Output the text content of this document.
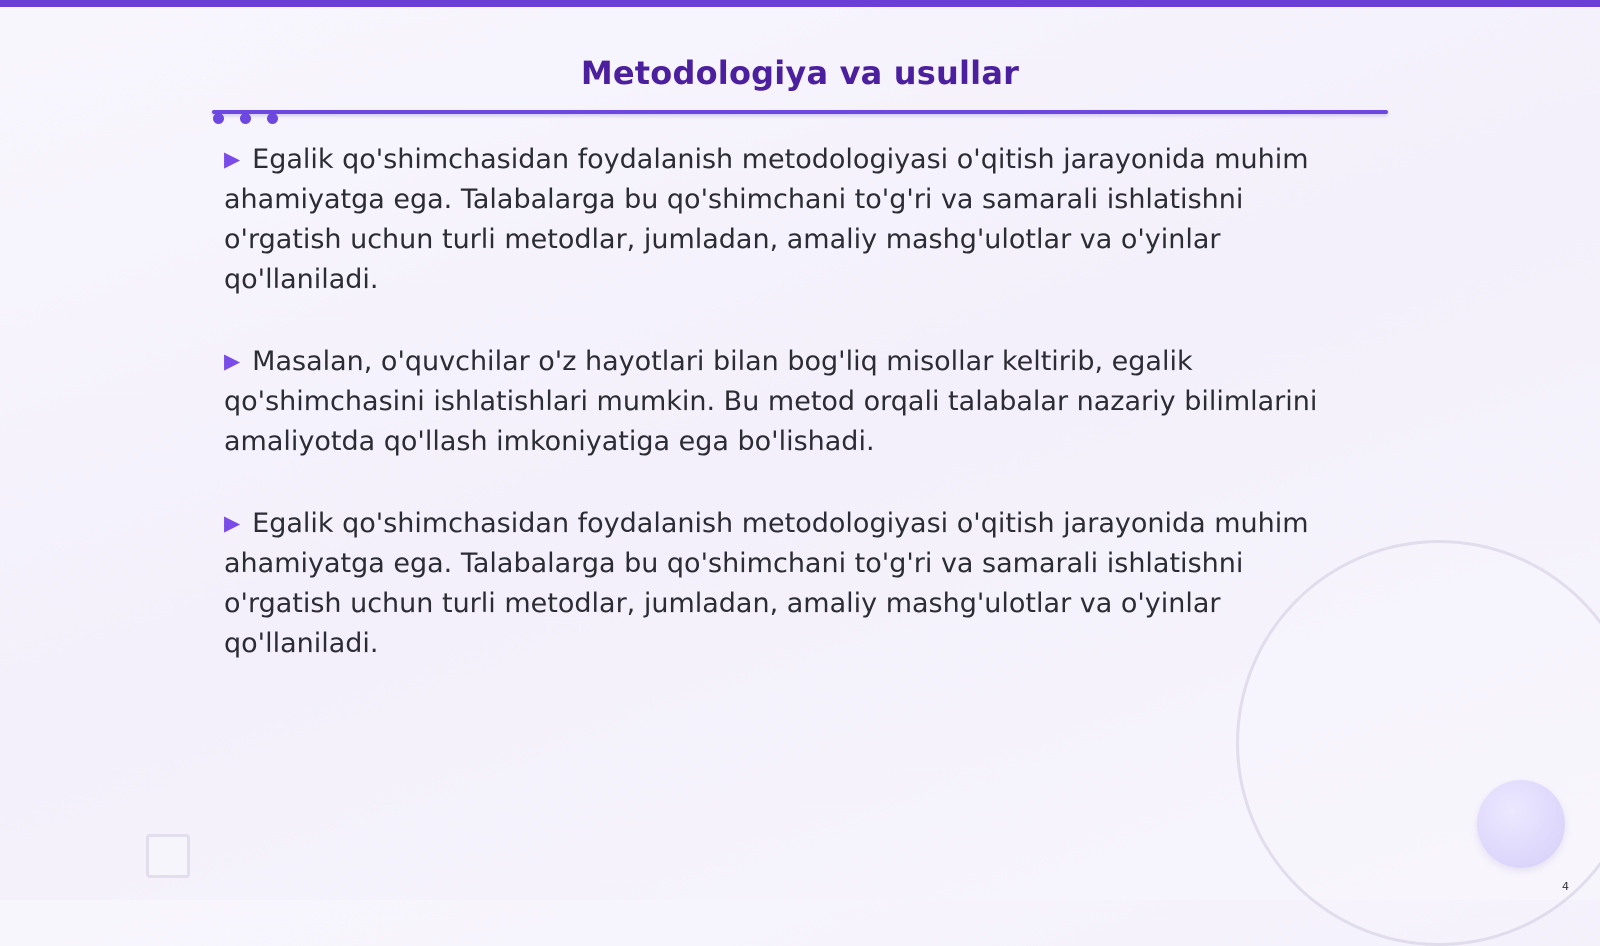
Metodologiya va usullar

▶ Egalik qo'shimchasidan foydalanish metodologiyasi o'qitish jarayonida muhim ahamiyatga ega. Talabalarga bu qo'shimchani to'g'ri va samarali ishlatishni o'rgatish uchun turli metodlar, jumladan, amaliy mashg'ulotlar va o'yinlar qo'llaniladi.

▶ Masalan, o'quvchilar o'z hayotlari bilan bog'liq misollar keltirib, egalik qo'shimchasini ishlatishlari mumkin. Bu metod orqali talabalar nazariy bilimlarini amaliyotda qo'llash imkoniyatiga ega bo'lishadi.

▶ Egalik qo'shimchasidan foydalanish metodologiyasi o'qitish jarayonida muhim ahamiyatga ega. Talabalarga bu qo'shimchani to'g'ri va samarali ishlatishni o'rgatish uchun turli metodlar, jumladan, amaliy mashg'ulotlar va o'yinlar qo'llaniladi.

4
